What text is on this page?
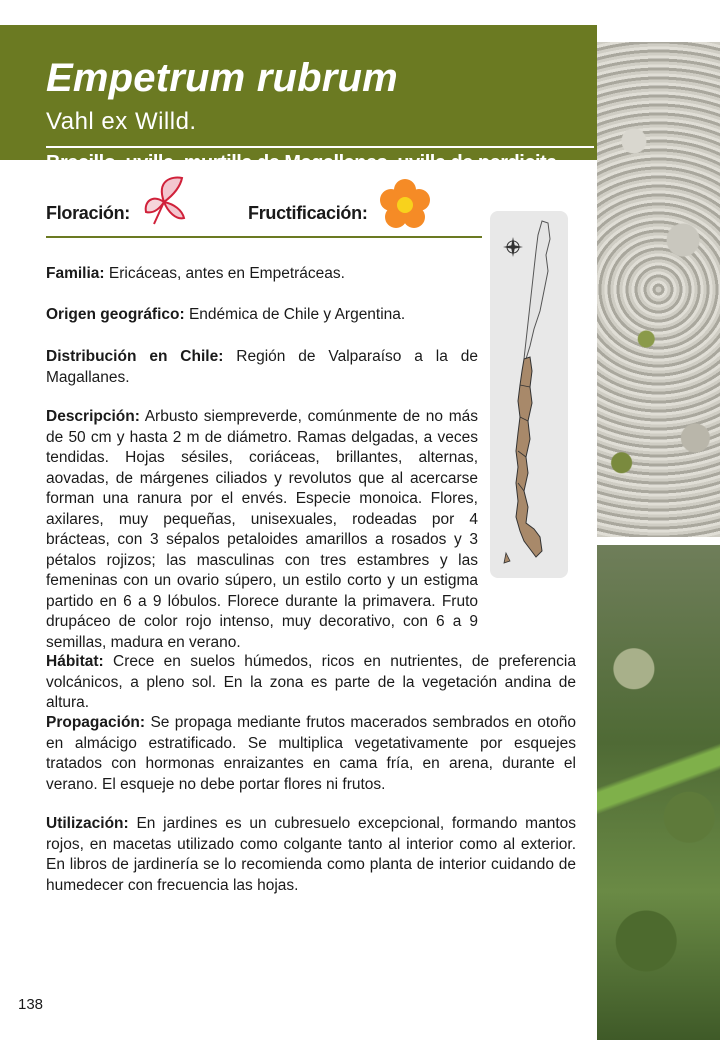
Empetrum rubrum
Vahl ex Willd.
Brecillo, uvilla, murtilla de Magallanes, uvilla de perdicita
Floración:	Fructificación:
Familia: Ericáceas, antes en Empetráceas.
Origen geográfico: Endémica de Chile y Argentina.
Distribución en Chile: Región de Valparaíso a la de Magallanes.
Descripción: Arbusto siempreverde, comúnmente de no más de 50 cm y hasta 2 m de diámetro. Ramas delgadas, a veces tendidas. Hojas sésiles, coriáceas, brillantes, alternas, aovadas, de márgenes ciliados y revolutos que al acercarse forman una ranura por el envés. Especie monoica. Flores, axilares, muy pequeñas, unisexuales, rodeadas por 4 brácteas, con 3 sépalos petaloides amarillos a rosados y 3 pétalos rojizos; las masculinas con tres estambres y las femeninas con un ovario súpero, un estilo corto y un estigma partido en 6 a 9 lóbulos. Florece durante la primavera. Fruto drupáceo de color rojo intenso, muy decorativo, con 6 a 9 semillas, madura en verano.
Hábitat: Crece en suelos húmedos, ricos en nutrientes, de preferencia volcánicos, a pleno sol. En la zona es parte de la vegetación andina de altura.
Propagación: Se propaga mediante frutos macerados sembrados en otoño en almácigo estratificado. Se multiplica vegetativamente por esquejes tratados con hormonas enraizantes en cama fría, en arena, durante el verano. El esqueje no debe portar flores ni frutos.
Utilización: En jardines es un cubresuelo excepcional, formando mantos rojos, en macetas utilizado como colgante tanto al interior como al exterior. En libros de jardinería se lo recomienda como planta de interior cuidando de humedecer con frecuencia las hojas.
138
